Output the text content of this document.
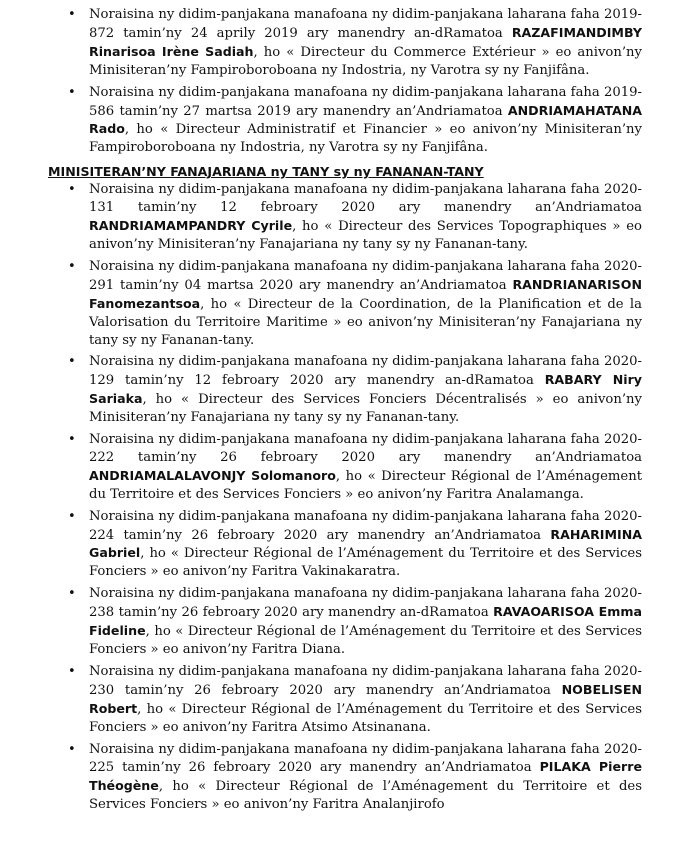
• Noraisina ny didim-panjakana manafoana ny didim-panjakana laharana faha 2019-872 tamin’ny 24 aprily 2019 ary manendry an-dRamatoa RAZAFIMANDIMBY Rinarisoa Irène Sadiah, ho « Directeur du Commerce Extérieur » eo anivon’ny Minisiteran’ny Fampiroboroboana ny Indostria, ny Varotra sy ny Fanjifâna.
• Noraisina ny didim-panjakana manafoana ny didim-panjakana laharana faha 2019-586 tamin’ny 27 martsa 2019 ary manendry an’Andriamatoa ANDRIAMAHATANA Rado, ho « Directeur Administratif et Financier » eo anivon’ny Minisiteran’ny Fampiroboroboana ny Indostria, ny Varotra sy ny Fanjifâna.
MINISITERAN’NY FANAJARIANA ny TANY sy ny FANANAN-TANY
• Noraisina ny didim-panjakana manafoana ny didim-panjakana laharana faha 2020-131 tamin’ny 12 febroary 2020 ary manendry an’Andriamatoa RANDRIAMAMPANDRY Cyrile, ho « Directeur des Services Topographiques » eo anivon’ny Minisiteran’ny Fanajariana ny tany sy ny Fananan-tany.
• Noraisina ny didim-panjakana manafoana ny didim-panjakana laharana faha 2020-291 tamin’ny 04 martsa 2020 ary manendry an’Andriamatoa RANDRIANARISON Fanomezantsoa, ho « Directeur de la Coordination, de la Planification et de la Valorisation du Territoire Maritime » eo anivon’ny Minisiteran’ny Fanajariana ny tany sy ny Fananan-tany.
• Noraisina ny didim-panjakana manafoana ny didim-panjakana laharana faha 2020-129 tamin’ny 12 febroary 2020 ary manendry an-dRamatoa RABARY Niry Sariaka, ho « Directeur des Services Fonciers Décentralisés » eo anivon’ny Minisiteran’ny Fanajariana ny tany sy ny Fananan-tany.
• Noraisina ny didim-panjakana manafoana ny didim-panjakana laharana faha 2020-222 tamin’ny 26 febroary 2020 ary manendry an’Andriamatoa ANDRIAMALALAVONJY Solomanoro, ho « Directeur Régional de l’Aménagement du Territoire et des Services Fonciers » eo anivon’ny Faritra Analamanga.
• Noraisina ny didim-panjakana manafoana ny didim-panjakana laharana faha 2020-224 tamin’ny 26 febroary 2020 ary manendry an’Andriamatoa RAHARIMINA Gabriel, ho « Directeur Régional de l’Aménagement du Territoire et des Services Fonciers » eo anivon’ny Faritra Vakinakaratra.
• Noraisina ny didim-panjakana manafoana ny didim-panjakana laharana faha 2020-238 tamin’ny 26 febroary 2020 ary manendry an-dRamatoa RAVAOARISOA Emma Fideline, ho « Directeur Régional de l’Aménagement du Territoire et des Services Fonciers » eo anivon’ny Faritra Diana.
• Noraisina ny didim-panjakana manafoana ny didim-panjakana laharana faha 2020-230 tamin’ny 26 febroary 2020 ary manendry an’Andriamatoa NOBELISEN Robert, ho « Directeur Régional de l’Aménagement du Territoire et des Services Fonciers » eo anivon’ny Faritra Atsimo Atsinanana.
• Noraisina ny didim-panjakana manafoana ny didim-panjakana laharana faha 2020-225 tamin’ny 26 febroary 2020 ary manendry an’Andriamatoa PILAKA Pierre Théogène, ho « Directeur Régional de l’Aménagement du Territoire et des Services Fonciers » eo anivon’ny Faritra Analanjirofo
